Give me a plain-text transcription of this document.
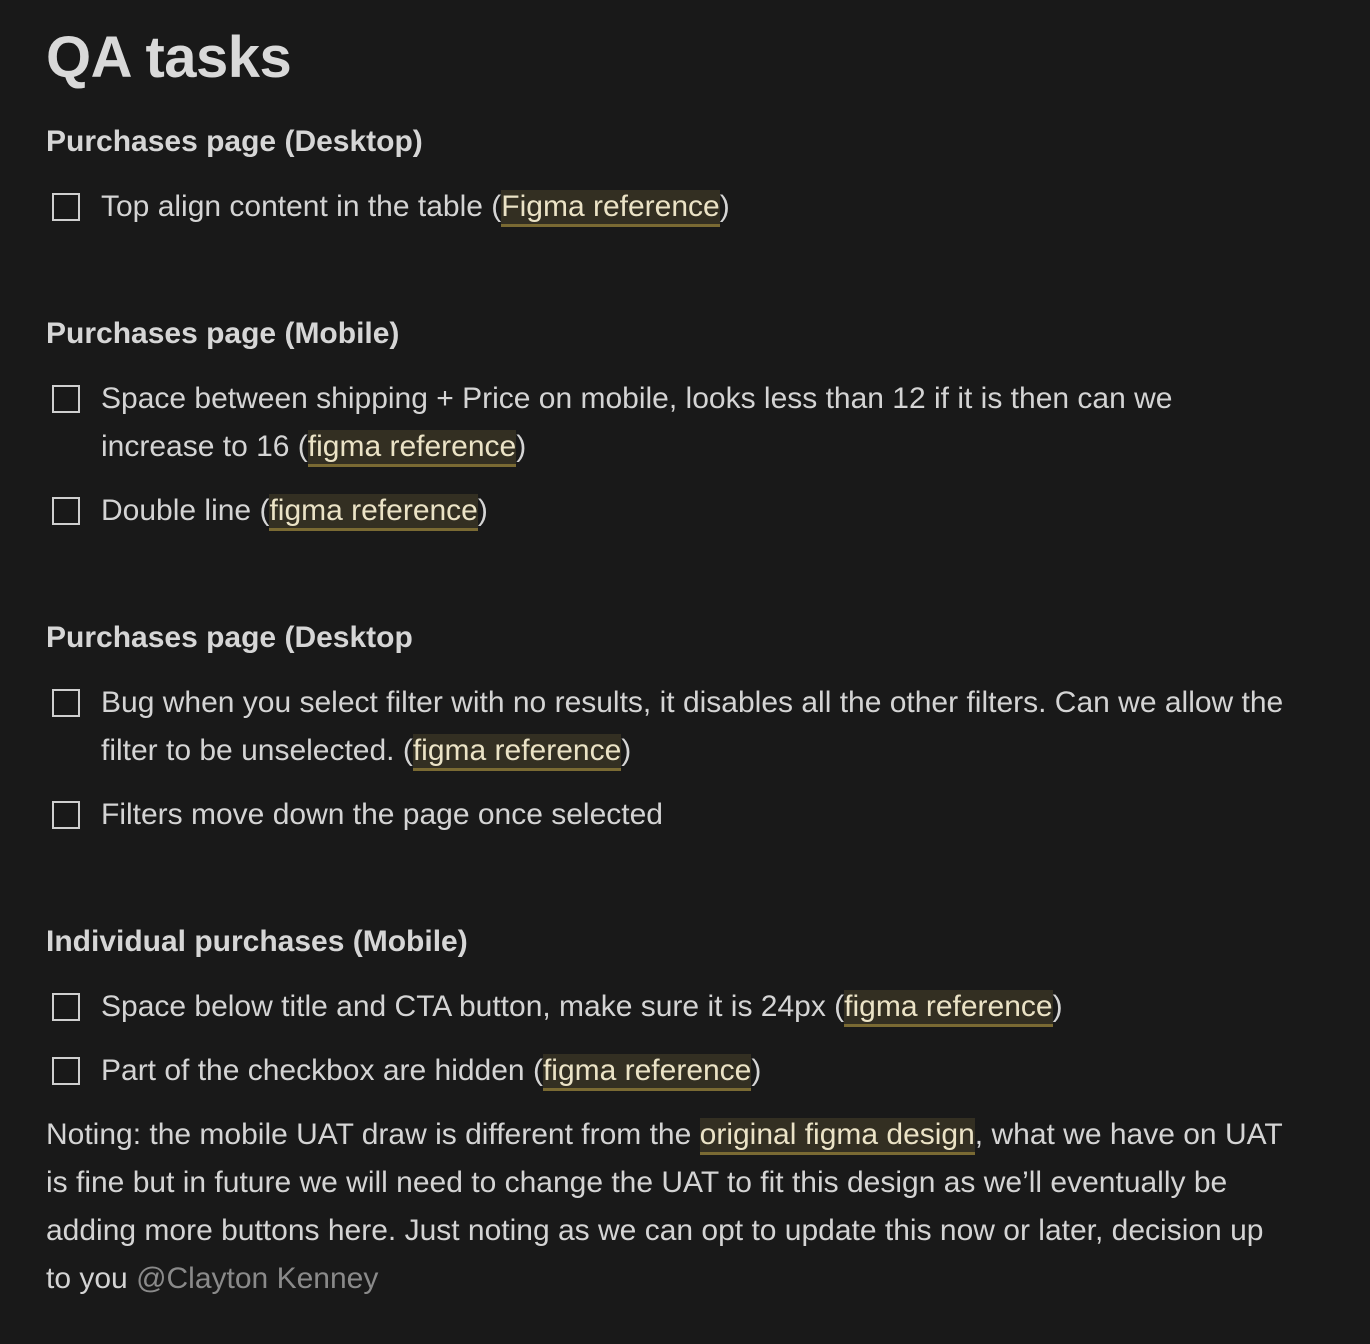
QA tasks
Purchases page (Desktop)
Top align content in the table (Figma reference)
Purchases page (Mobile)
Space between shipping + Price on mobile, looks less than 12 if it is then can we increase to 16 (figma reference)
Double line (figma reference)
Purchases page (Desktop
Bug when you select filter with no results, it disables all the other filters. Can we allow the filter to be unselected. (figma reference)
Filters move down the page once selected
Individual purchases (Mobile)
Space below title and CTA button, make sure it is 24px (figma reference)
Part of the checkbox are hidden (figma reference)

Noting: the mobile UAT draw is different from the original figma design, what we have on UAT is fine but in future we will need to change the UAT to fit this design as we’ll eventually be adding more buttons here. Just noting as we can opt to update this now or later, decision up to you @Clayton Kenney
